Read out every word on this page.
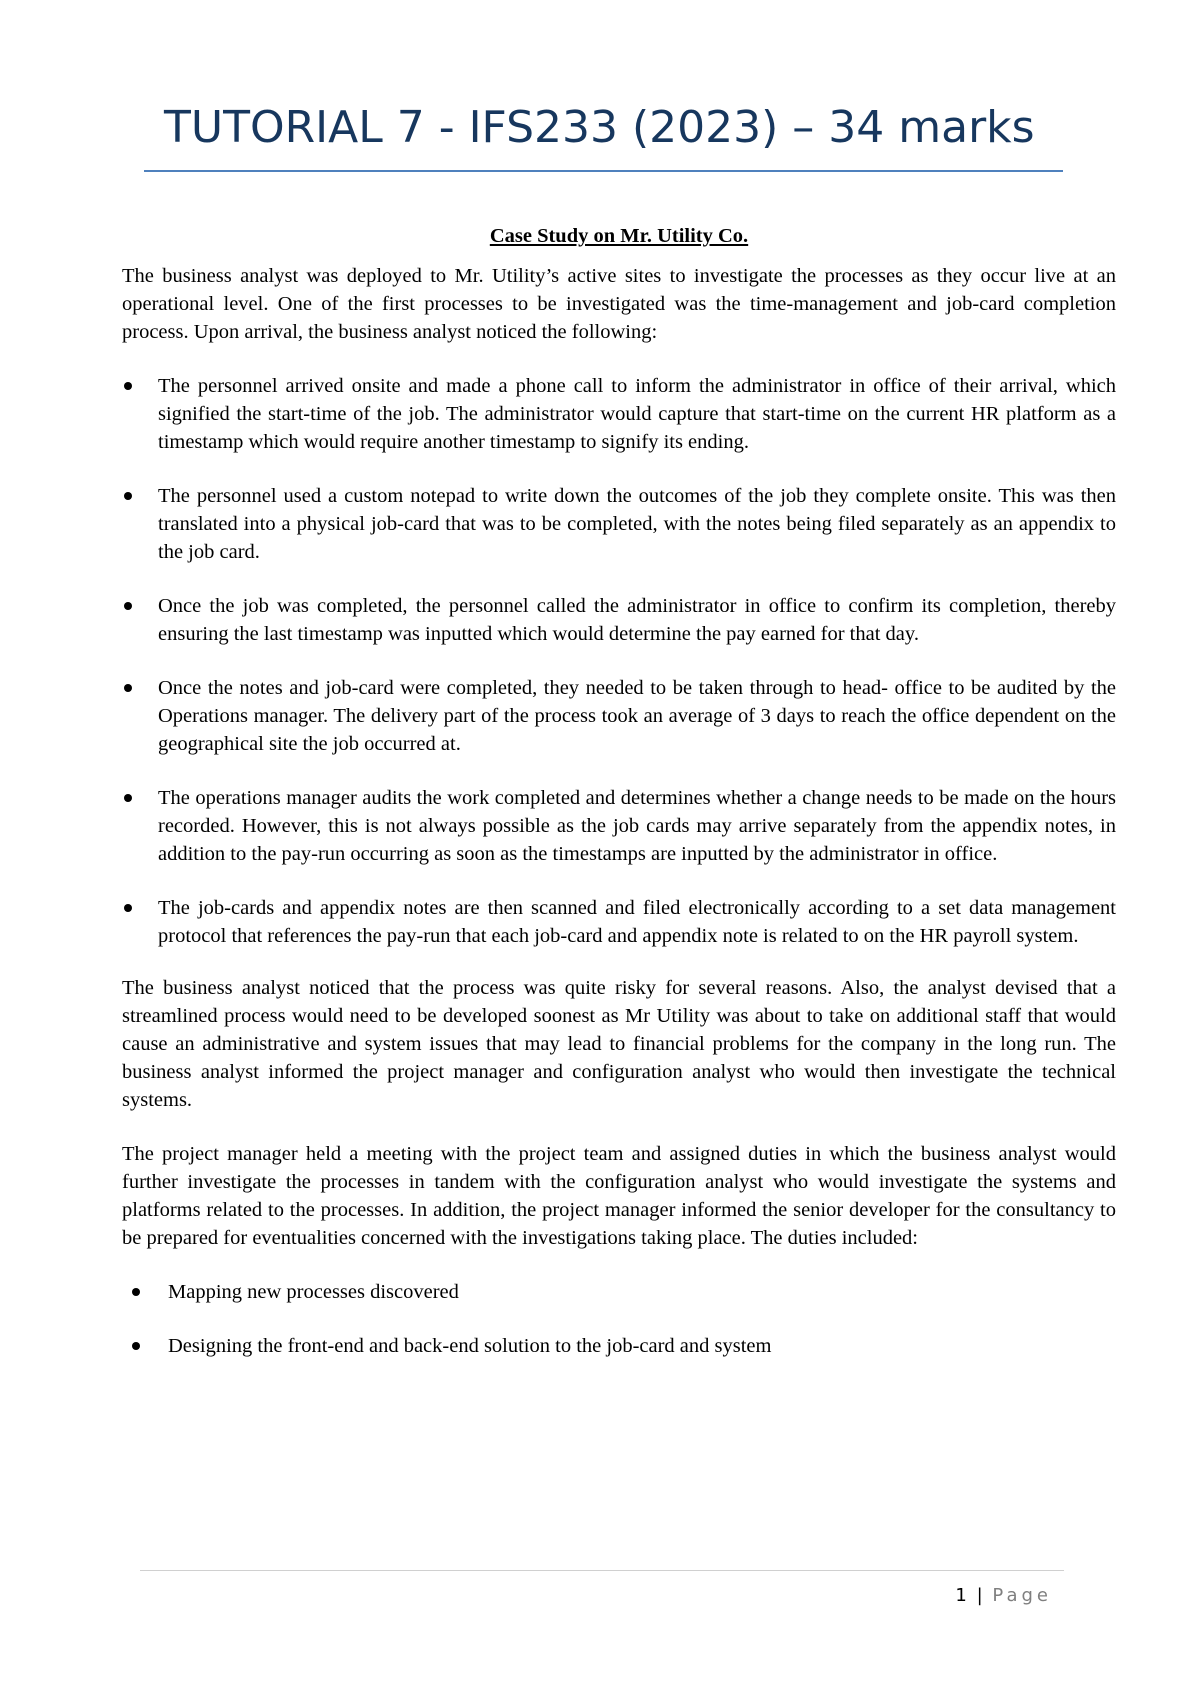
TUTORIAL 7 - IFS233 (2023) – 34 marks

Case Study on Mr. Utility Co.

The business analyst was deployed to Mr. Utility’s active sites to investigate the processes as they occur live at an operational level. One of the first processes to be investigated was the time-management and job-card completion process. Upon arrival, the business analyst noticed the following:

The personnel arrived onsite and made a phone call to inform the administrator in office of their arrival, which signified the start-time of the job. The administrator would capture that start-time on the current HR platform as a timestamp which would require another timestamp to signify its ending.
The personnel used a custom notepad to write down the outcomes of the job they complete onsite. This was then translated into a physical job-card that was to be completed, with the notes being filed separately as an appendix to the job card.
Once the job was completed, the personnel called the administrator in office to confirm its completion, thereby ensuring the last timestamp was inputted which would determine the pay earned for that day.
Once the notes and job-card were completed, they needed to be taken through to head- office to be audited by the Operations manager. The delivery part of the process took an average of 3 days to reach the office dependent on the geographical site the job occurred at.
The operations manager audits the work completed and determines whether a change needs to be made on the hours recorded. However, this is not always possible as the job cards may arrive separately from the appendix notes, in addition to the pay-run occurring as soon as the timestamps are inputted by the administrator in office.
The job-cards and appendix notes are then scanned and filed electronically according to a set data management protocol that references the pay-run that each job-card and appendix note is related to on the HR payroll system.

The business analyst noticed that the process was quite risky for several reasons. Also, the analyst devised that a streamlined process would need to be developed soonest as Mr Utility was about to take on additional staff that would cause an administrative and system issues that may lead to financial problems for the company in the long run. The business analyst informed the project manager and configuration analyst who would then investigate the technical systems.

The project manager held a meeting with the project team and assigned duties in which the business analyst would further investigate the processes in tandem with the configuration analyst who would investigate the systems and platforms related to the processes. In addition, the project manager informed the senior developer for the consultancy to be prepared for eventualities concerned with the investigations taking place. The duties included:

Mapping new processes discovered
Designing the front-end and back-end solution to the job-card and system
1 | Page
